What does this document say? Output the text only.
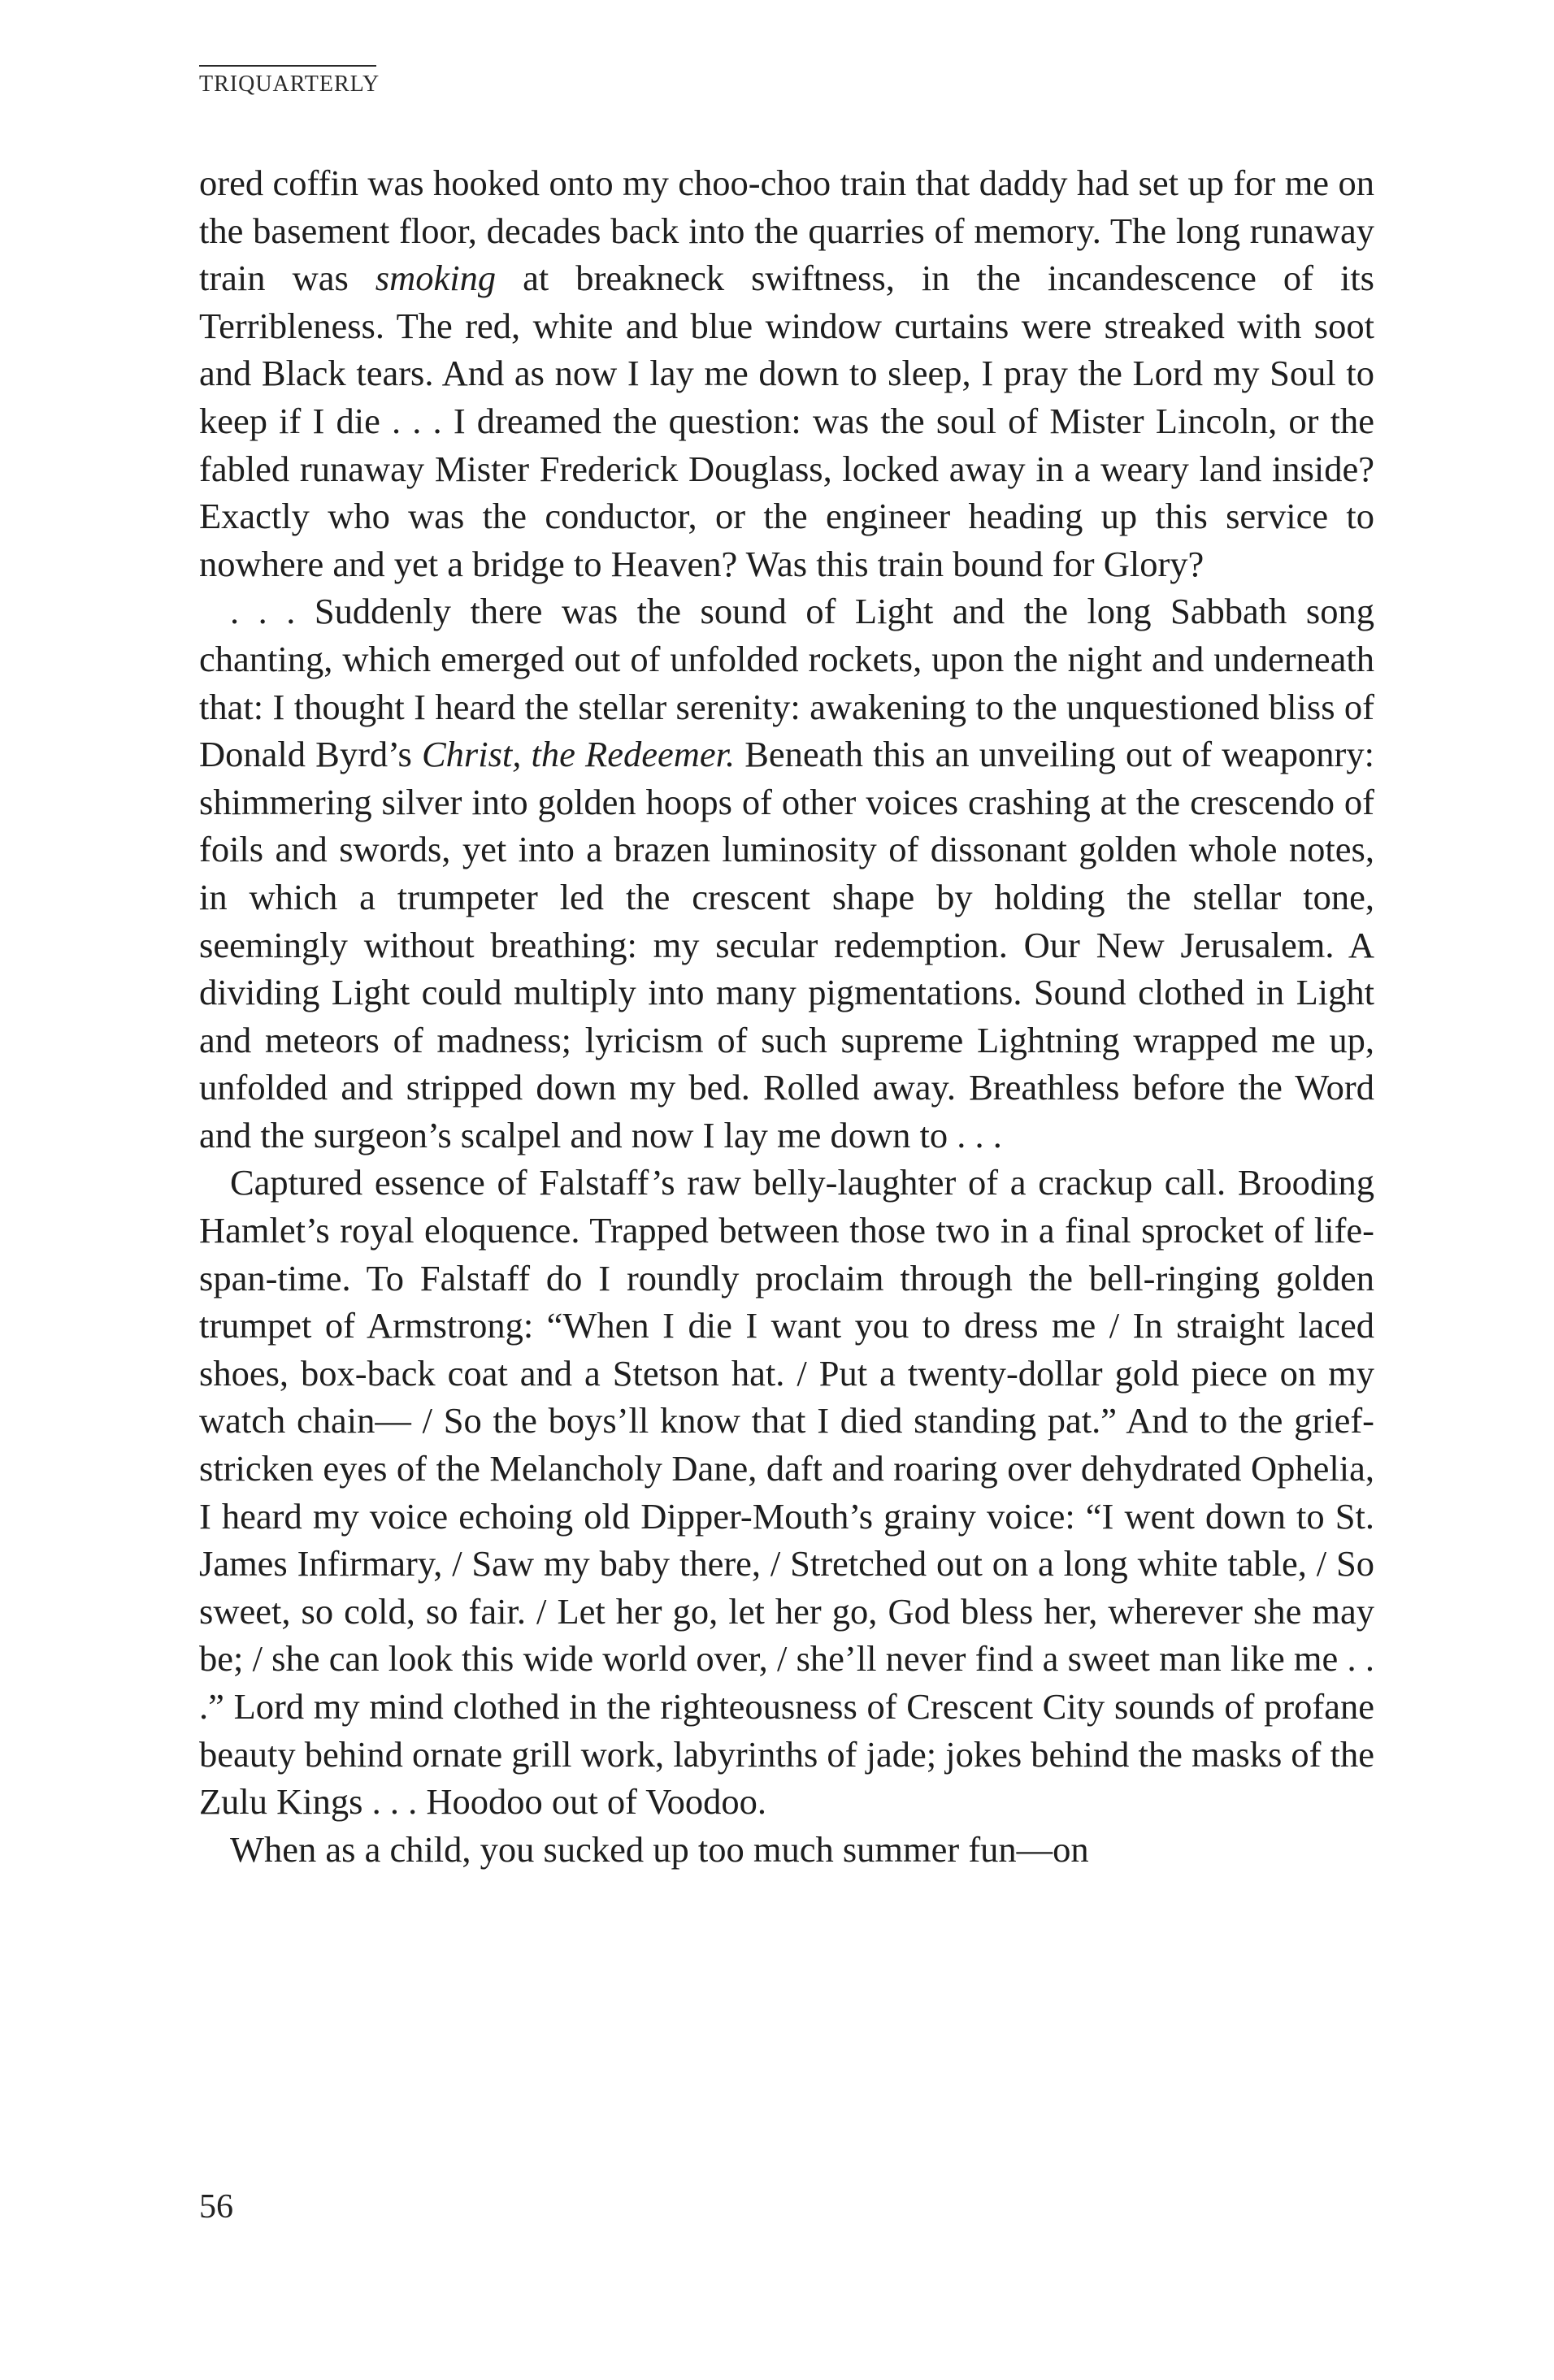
TRIQUARTERLY

ored coffin was hooked onto my choo-choo train that daddy had set up for me on the basement floor, decades back into the quarries of memory. The long runaway train was smoking at breakneck swiftness, in the incandescence of its Terribleness. The red, white and blue window curtains were streaked with soot and Black tears. And as now I lay me down to sleep, I pray the Lord my Soul to keep if I die . . . I dreamed the question: was the soul of Mister Lincoln, or the fabled runaway Mister Frederick Douglass, locked away in a weary land inside? Exactly who was the conductor, or the engineer heading up this service to nowhere and yet a bridge to Heaven? Was this train bound for Glory?

. . . Suddenly there was the sound of Light and the long Sabbath song chanting, which emerged out of unfolded rockets, upon the night and underneath that: I thought I heard the stellar serenity: awakening to the unquestioned bliss of Donald Byrd’s Christ, the Redeemer. Beneath this an unveiling out of weaponry: shimmering silver into golden hoops of other voices crashing at the crescendo of foils and swords, yet into a brazen luminosity of dissonant golden whole notes, in which a trumpeter led the crescent shape by holding the stellar tone, seemingly without breathing: my secular redemption. Our New Jerusalem. A dividing Light could multiply into many pigmentations. Sound clothed in Light and meteors of madness; lyricism of such supreme Lightning wrapped me up, unfolded and stripped down my bed. Rolled away. Breathless before the Word and the surgeon’s scalpel and now I lay me down to . . .

Captured essence of Falstaff’s raw belly-laughter of a crackup call. Brooding Hamlet’s royal eloquence. Trapped between those two in a final sprocket of life-span-time. To Falstaff do I roundly proclaim through the bell-ringing golden trumpet of Armstrong: “When I die I want you to dress me / In straight laced shoes, box-back coat and a Stetson hat. / Put a twenty-dollar gold piece on my watch chain— / So the boys’ll know that I died standing pat.” And to the grief-stricken eyes of the Melancholy Dane, daft and roaring over dehydrated Ophelia, I heard my voice echoing old Dipper-Mouth’s grainy voice: “I went down to St. James Infirmary, / Saw my baby there, / Stretched out on a long white table, / So sweet, so cold, so fair. / Let her go, let her go, God bless her, wherever she may be; / she can look this wide world over, / she’ll never find a sweet man like me . . .” Lord my mind clothed in the righteousness of Crescent City sounds of profane beauty behind ornate grill work, labyrinths of jade; jokes behind the masks of the Zulu Kings . . . Hoodoo out of Voodoo.

When as a child, you sucked up too much summer fun—on

56
